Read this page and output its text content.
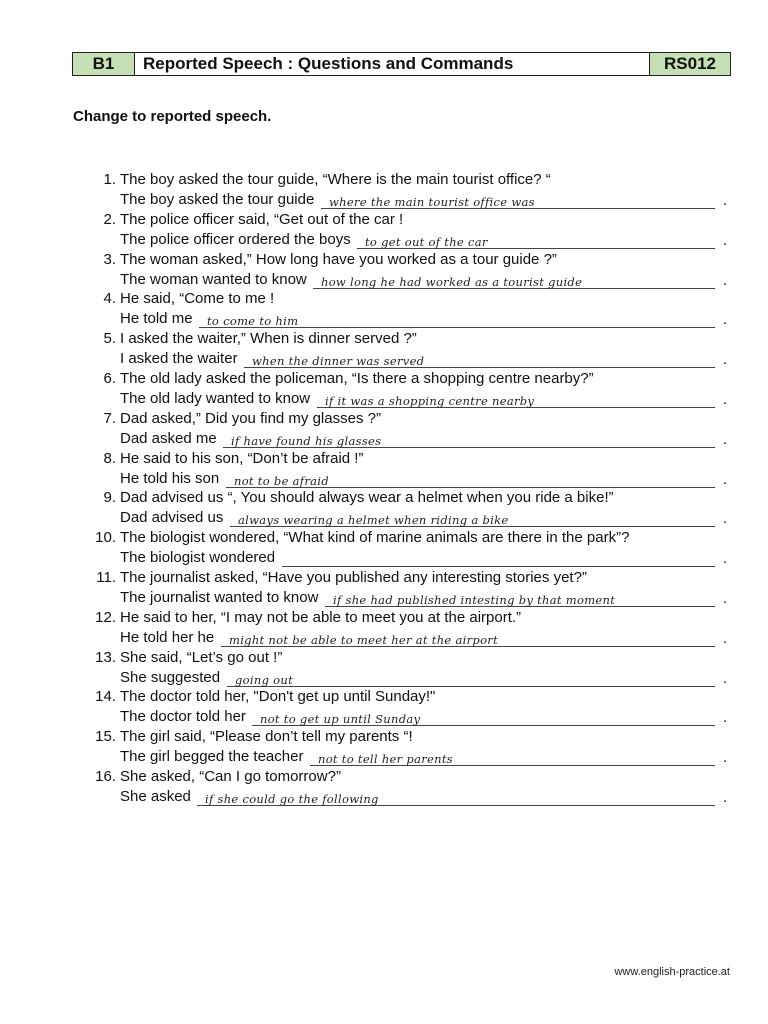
B1	Reported Speech : Questions and Commands	RS012
Change to reported speech.
1. The boy asked the tour guide, “Where is the main tourist office? “
The boy asked the tour guide where the main tourist office was	.
2. The police officer said, “Get out of the car !
The police officer ordered the boys to get out of the car	.
3. The woman asked,” How long have you worked as a tour guide ?”
The woman wanted to know how long he had worked as a tourist guide	.
4. He said, “Come to me !
He told me to come to him	.
5. I asked the waiter,” When is dinner served ?”
I asked the waiter when the dinner was served	.
6. The old lady asked the policeman, “Is there a shopping centre nearby?”
The old lady wanted to know if it was a shopping centre nearby	.
7. Dad asked,” Did you find my glasses ?”
Dad asked me if have found his glasses	.
8. He said to his son, “Don’t be afraid !”
He told his son not to be afraid	.
9. Dad advised us “, You should always wear a helmet when you ride a bike!”
Dad advised us always wearing a helmet when riding a bike	.
10. The biologist wondered, “What kind of marine animals are there in the park”?
The biologist wondered	.
11. The journalist asked, “Have you published any interesting stories yet?”
The journalist wanted to know if she had published intesting by that moment	.
12. He said to her, “I may not be able to meet you at the airport.”
He told her he might not be able to meet her at the airport	.
13. She said, “Let’s go out !”
She suggested going out	.
14. The doctor told her, "Don't get up until Sunday!"
The doctor told her not to get up until Sunday	.
15. The girl said, “Please don’t tell my parents “!
The girl begged the teacher not to tell her parents	.
16. She asked, “Can I go tomorrow?”
She asked if she could go the following	.
www.english-practice.at
